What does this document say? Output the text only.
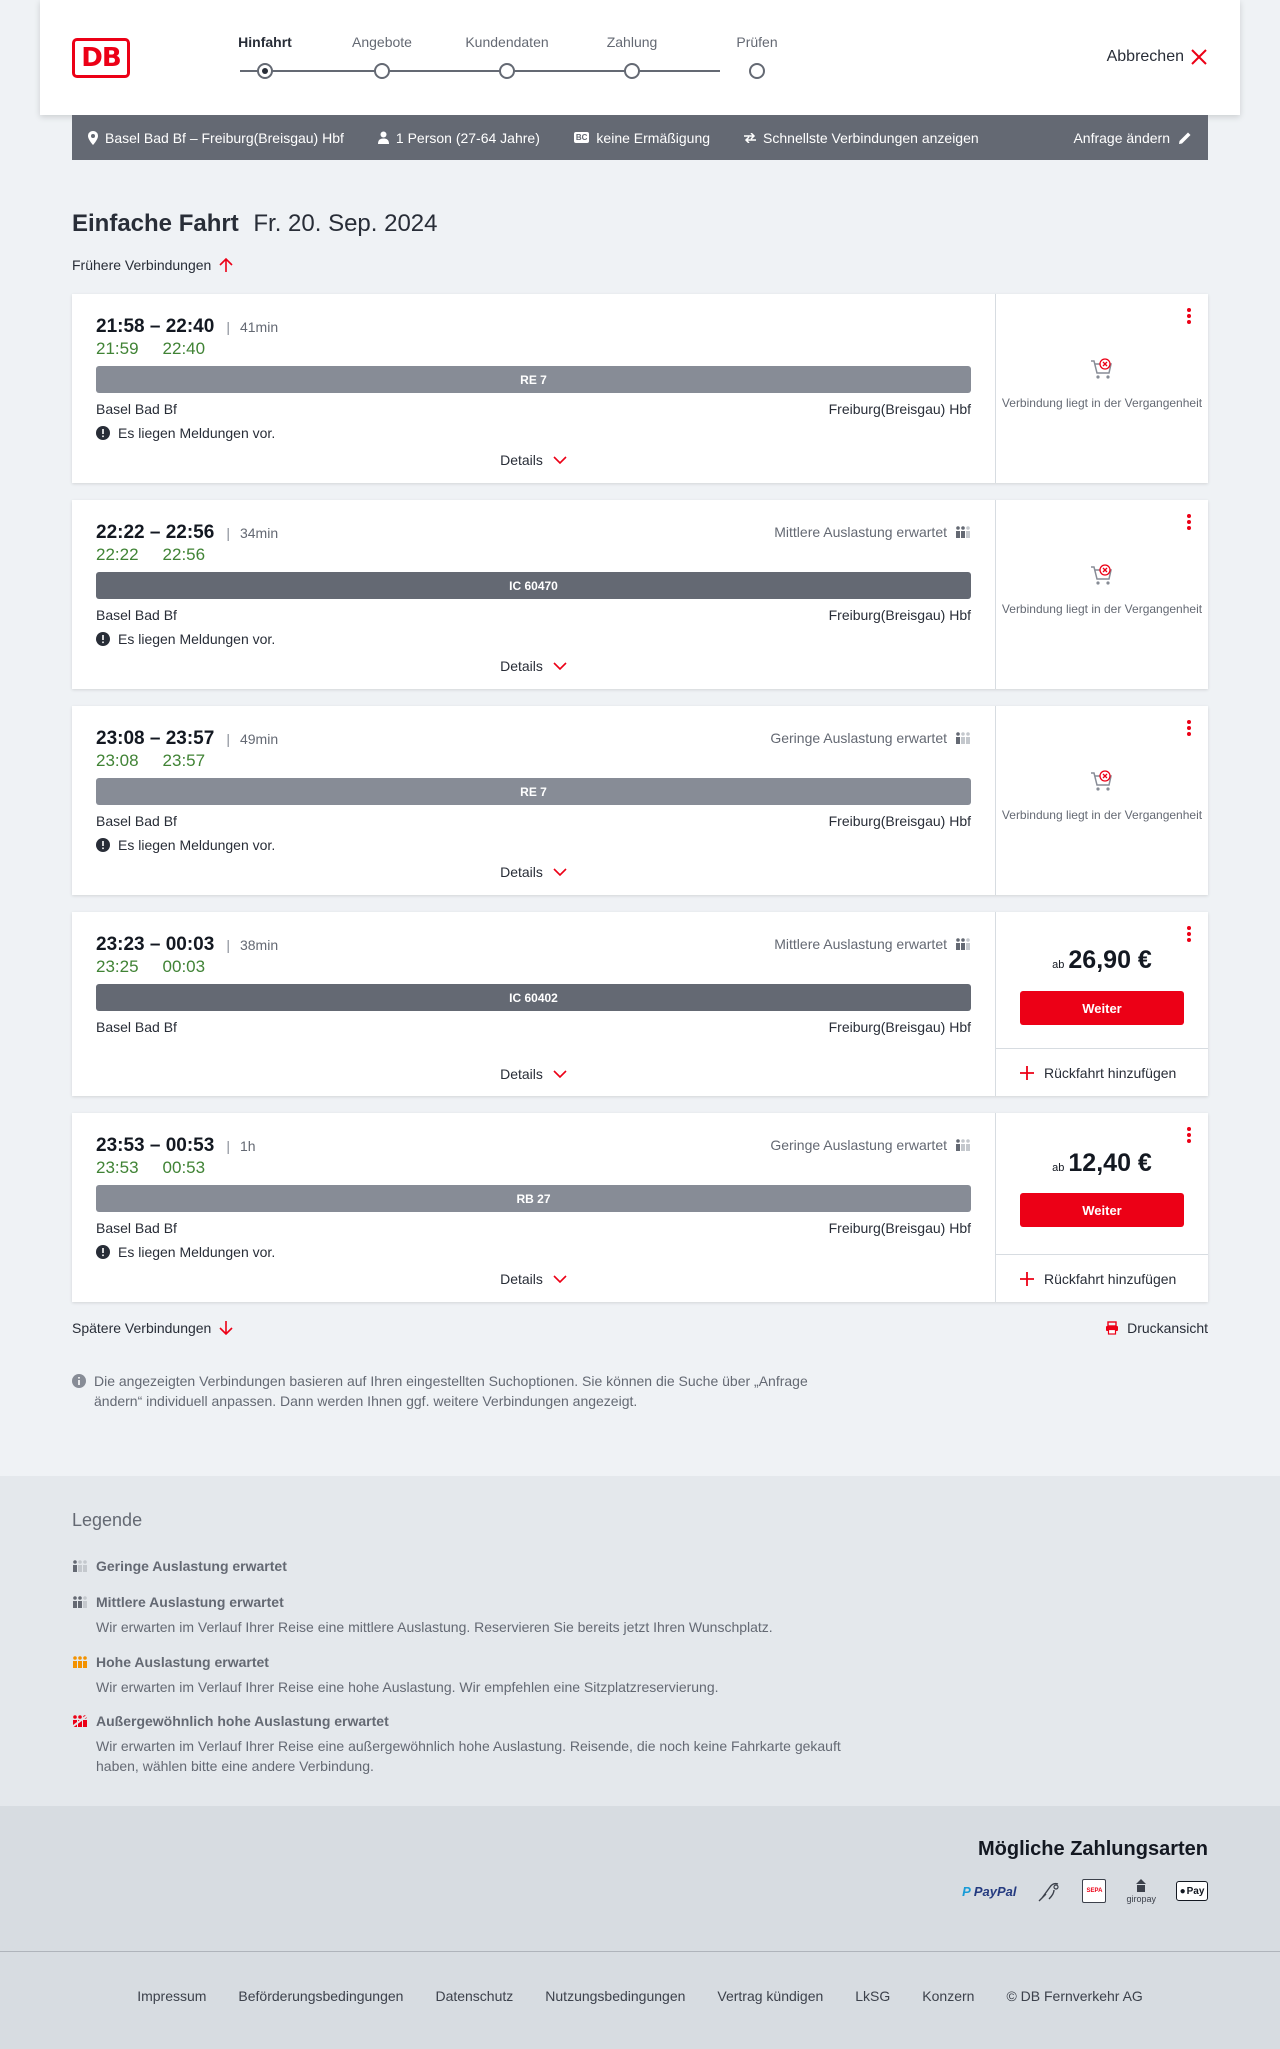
DB
Hinfahrt	Angebote	Kundendaten	Zahlung	Prüfen
Abbrechen
Basel Bad Bf – Freiburg(Breisgau) Hbf	1 Person (27-64 Jahre)	BC keine Ermäßigung	Schnellste Verbindungen anzeigen	Anfrage ändern
Einfache Fahrt Fr. 20. Sep. 2024
Frühere Verbindungen
21:58 – 22:40 | 41min
21:59 22:40
RE 7
Basel Bad Bf	Freiburg(Breisgau) Hbf
Es liegen Meldungen vor.
Details
Verbindung liegt in der Vergangenheit
22:22 – 22:56 | 34min
22:22 22:56
Mittlere Auslastung erwartet
IC 60470
Basel Bad Bf	Freiburg(Breisgau) Hbf
Es liegen Meldungen vor.
Details
Verbindung liegt in der Vergangenheit
23:08 – 23:57 | 49min
23:08 23:57
Geringe Auslastung erwartet
RE 7
Basel Bad Bf	Freiburg(Breisgau) Hbf
Es liegen Meldungen vor.
Details
Verbindung liegt in der Vergangenheit
23:23 – 00:03 | 38min
23:25 00:03
Mittlere Auslastung erwartet
IC 60402
Basel Bad Bf	Freiburg(Breisgau) Hbf
Details
ab 26,90 €
Weiter
Rückfahrt hinzufügen
23:53 – 00:53 | 1h
23:53 00:53
Geringe Auslastung erwartet
RB 27
Basel Bad Bf	Freiburg(Breisgau) Hbf
Es liegen Meldungen vor.
Details
ab 12,40 €
Weiter
Rückfahrt hinzufügen
Spätere Verbindungen	Druckansicht
Die angezeigten Verbindungen basieren auf Ihren eingestellten Suchoptionen. Sie können die Suche über „Anfrage ändern“ individuell anpassen. Dann werden Ihnen ggf. weitere Verbindungen angezeigt.
Legende
Geringe Auslastung erwartet
Mittlere Auslastung erwartet
Wir erwarten im Verlauf Ihrer Reise eine mittlere Auslastung. Reservieren Sie bereits jetzt Ihren Wunschplatz.
Hohe Auslastung erwartet
Wir erwarten im Verlauf Ihrer Reise eine hohe Auslastung. Wir empfehlen eine Sitzplatzreservierung.
Außergewöhnlich hohe Auslastung erwartet
Wir erwarten im Verlauf Ihrer Reise eine außergewöhnlich hohe Auslastung. Reisende, die noch keine Fahrkarte gekauft haben, wählen bitte eine andere Verbindung.
Mögliche Zahlungsarten
P PayPal	SEPA
giropay
● Pay
Impressum Beförderungsbedingungen Datenschutz Nutzungsbedingungen Vertrag kündigen LkSG Konzern © DB Fernverkehr AG
